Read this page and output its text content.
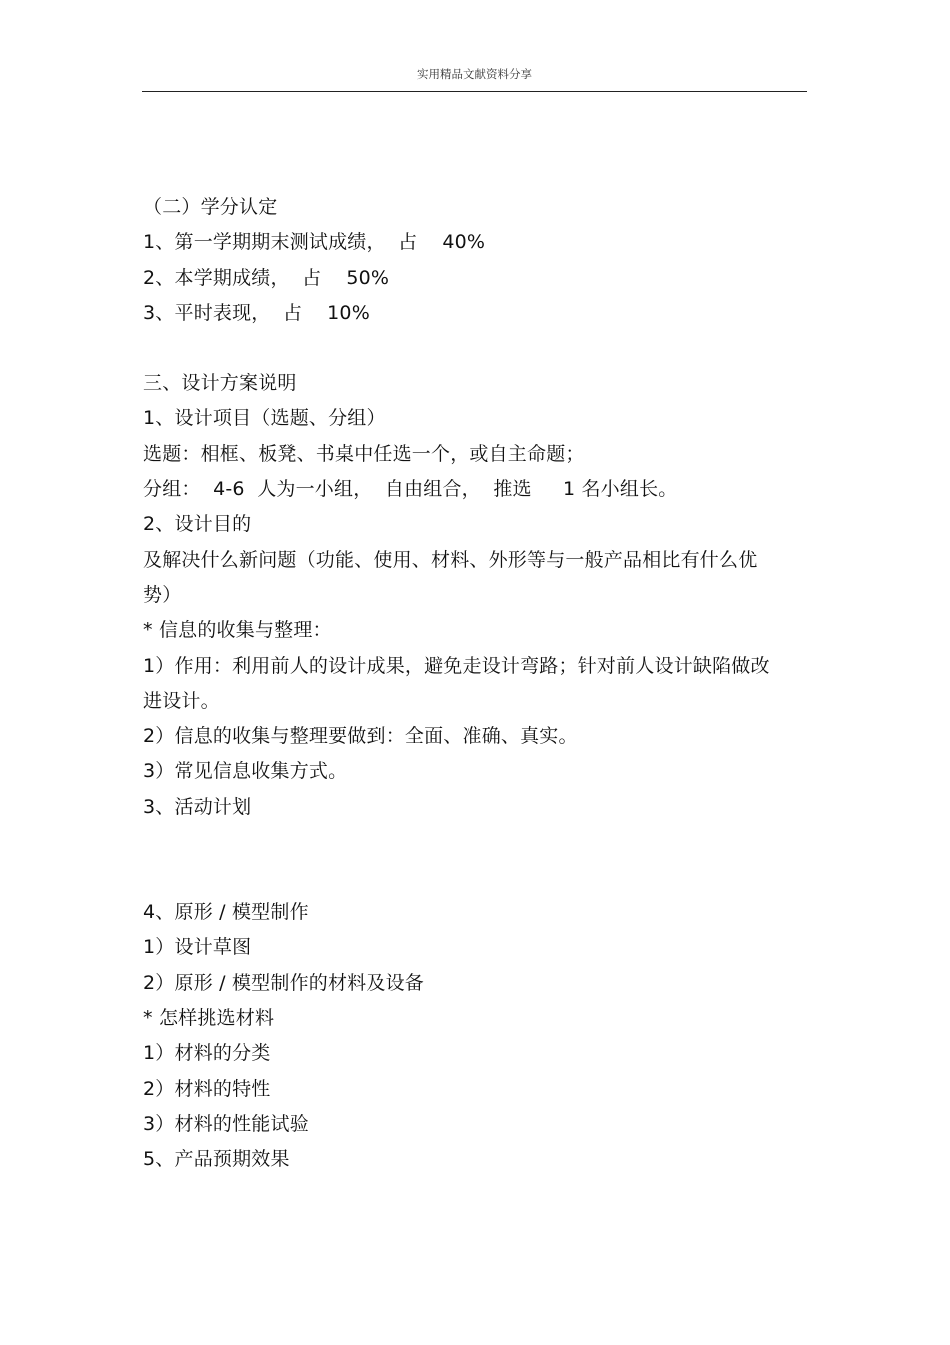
实用精品文献资料分享
（二）学分认定
1、第一学期期末测试成绩，  占    40%
2、本学期成绩，  占    50%
3、平时表现，  占    10%
三、设计方案说明
1、设计项目（选题、分组）
选题：相框、板凳、书桌中任选一个，或自主命题；
分组：  4-6  人为一小组，  自由组合，  推选     1 名小组长。
2、设计目的
及解决什么新问题（功能、使用、材料、外形等与一般产品相比有什么优势）
* 信息的收集与整理：
1）作用：利用前人的设计成果，避免走设计弯路；针对前人设计缺陷做改进设计。
2）信息的收集与整理要做到：全面、准确、真实。
3）常见信息收集方式。
3、活动计划
4、原形 / 模型制作
1）设计草图
2）原形 / 模型制作的材料及设备
* 怎样挑选材料
1）材料的分类
2）材料的特性
3）材料的性能试验
5、产品预期效果
